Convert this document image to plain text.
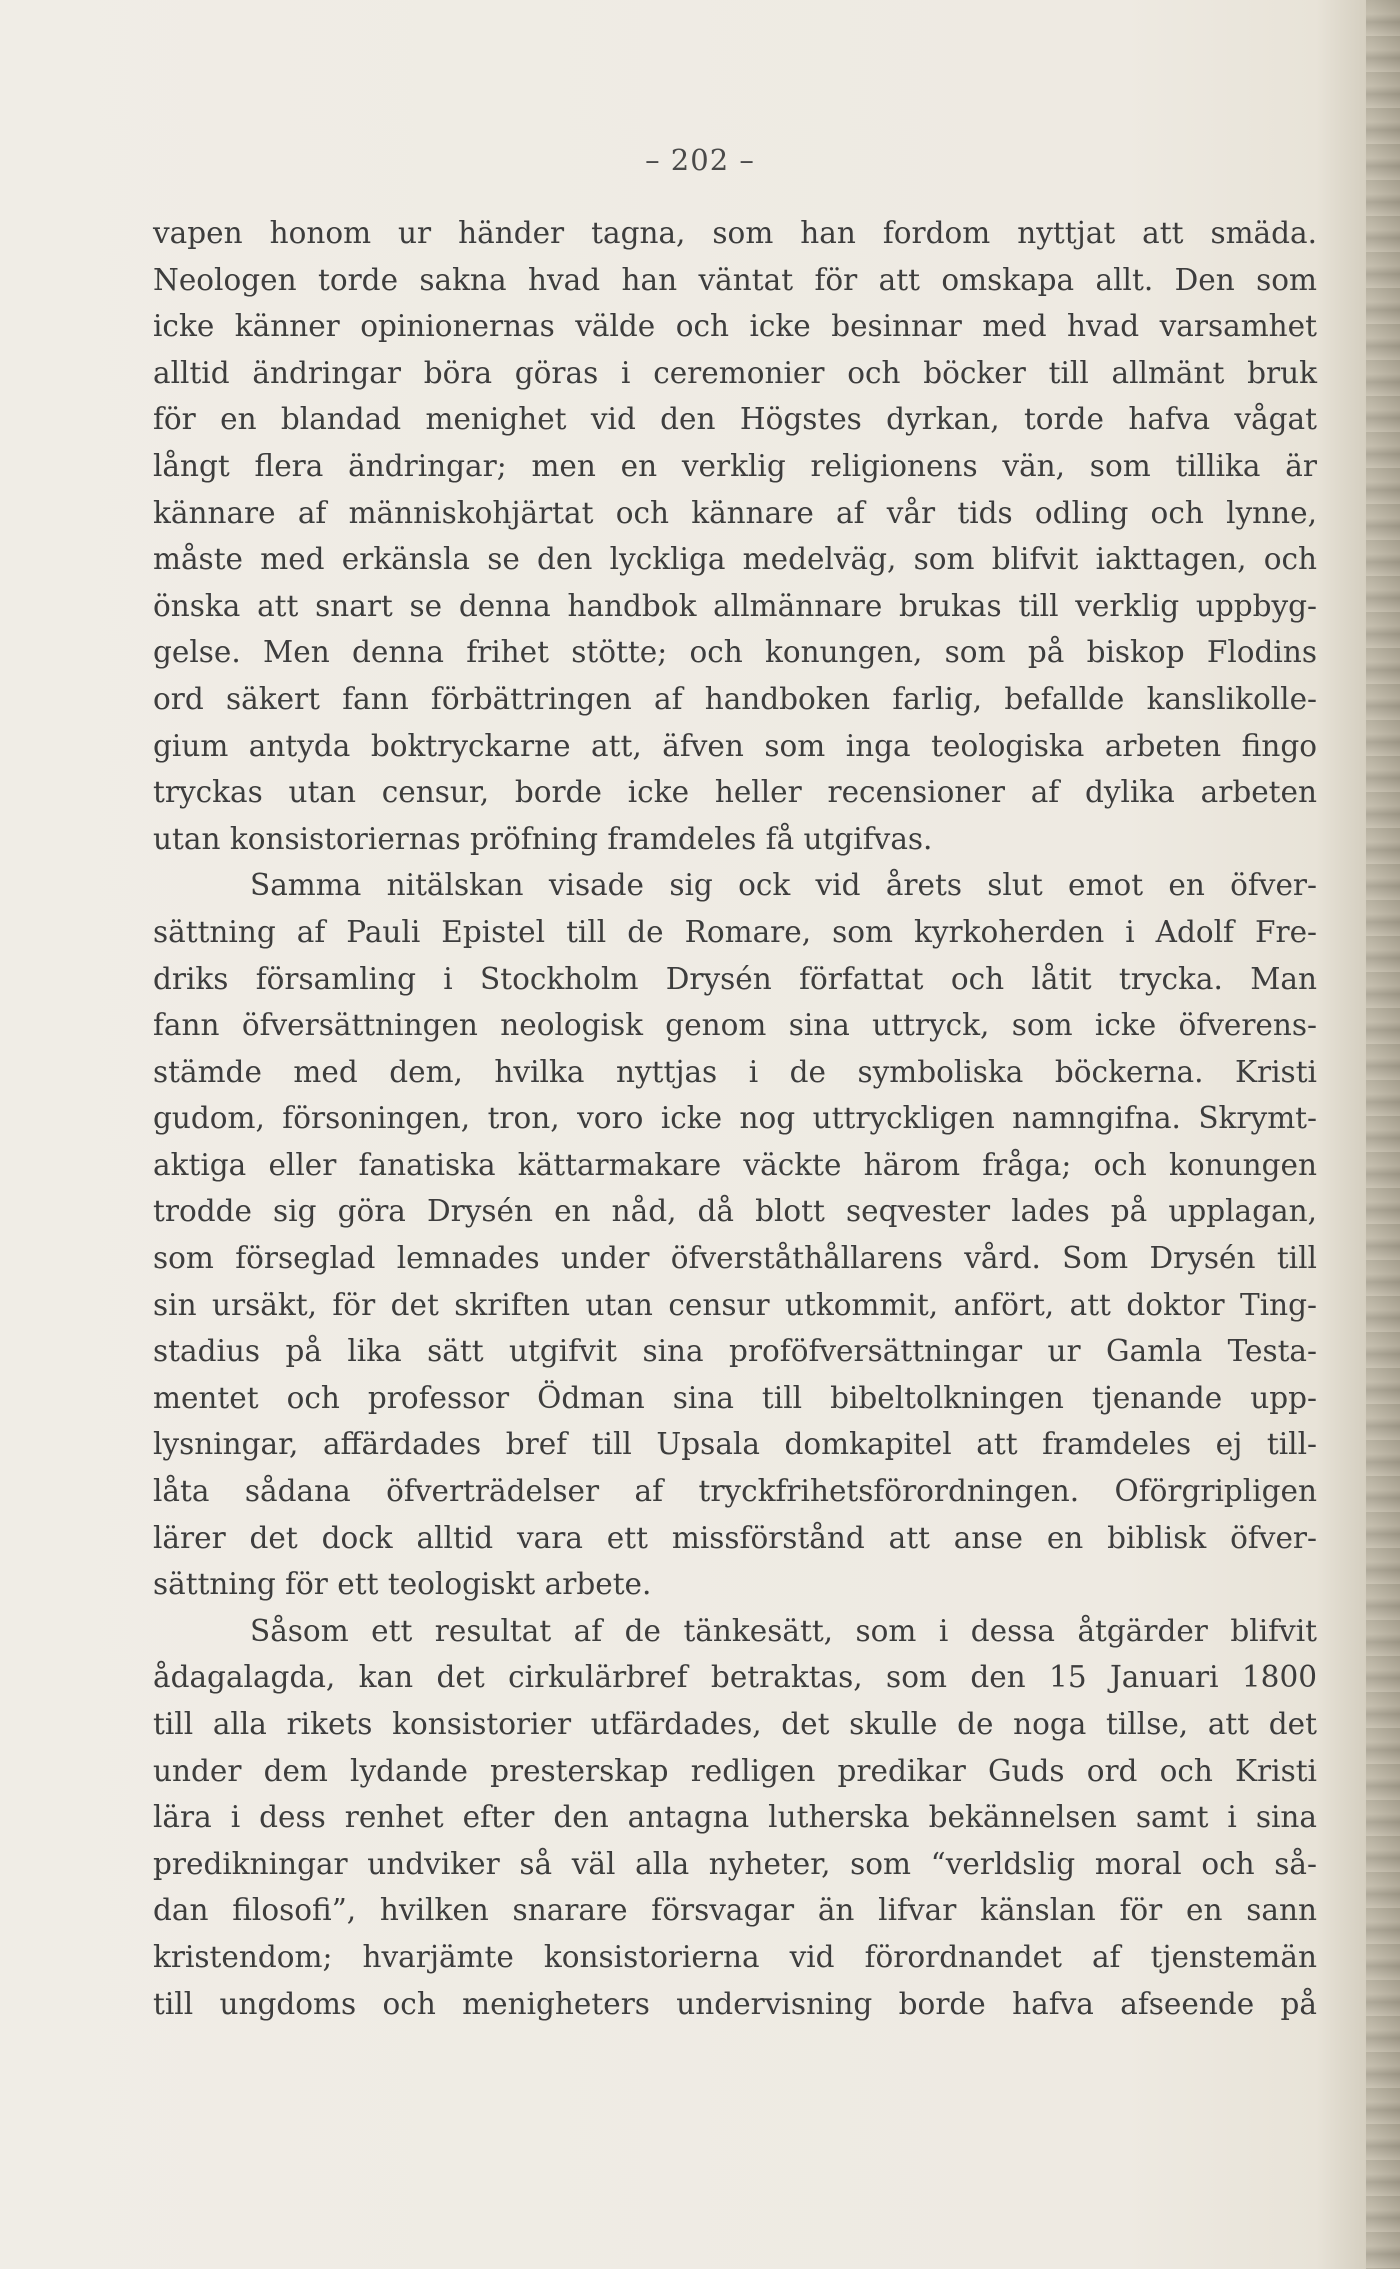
– 202 –
vapen honom ur händer tagna, som han fordom nyttjat att smäda.
Neologen torde sakna hvad han väntat för att omskapa allt. Den som
icke känner opinionernas välde och icke besinnar med hvad varsamhet
alltid ändringar böra göras i ceremonier och böcker till allmänt bruk
för en blandad menighet vid den Högstes dyrkan, torde hafva vågat
långt flera ändringar; men en verklig religionens vän, som tillika är
kännare af människohjärtat och kännare af vår tids odling och lynne,
måste med erkänsla se den lyckliga medelväg, som blifvit iakttagen, och
önska att snart se denna handbok allmännare brukas till verklig uppbyg-
gelse. Men denna frihet stötte; och konungen, som på biskop Flodins
ord säkert fann förbättringen af handboken farlig, befallde kanslikolle-
gium antyda boktryckarne att, äfven som inga teologiska arbeten fingo
tryckas utan censur, borde icke heller recensioner af dylika arbeten
utan konsistoriernas pröfning framdeles få utgifvas.
Samma nitälskan visade sig ock vid årets slut emot en öfver-
sättning af Pauli Epistel till de Romare, som kyrkoherden i Adolf Fre-
driks församling i Stockholm Drysén författat och låtit trycka. Man
fann öfversättningen neologisk genom sina uttryck, som icke öfverens-
stämde med dem, hvilka nyttjas i de symboliska böckerna. Kristi
gudom, försoningen, tron, voro icke nog uttryckligen namngifna. Skrymt-
aktiga eller fanatiska kättarmakare väckte härom fråga; och konungen
trodde sig göra Drysén en nåd, då blott seqvester lades på upplagan,
som förseglad lemnades under öfverståthållarens vård. Som Drysén till
sin ursäkt, för det skriften utan censur utkommit, anfört, att doktor Ting-
stadius på lika sätt utgifvit sina proföfversättningar ur Gamla Testa-
mentet och professor Ödman sina till bibeltolkningen tjenande upp-
lysningar, affärdades bref till Upsala domkapitel att framdeles ej till-
låta sådana öfverträdelser af tryckfrihetsförordningen. Oförgripligen
lärer det dock alltid vara ett missförstånd att anse en biblisk öfver-
sättning för ett teologiskt arbete.
Såsom ett resultat af de tänkesätt, som i dessa åtgärder blifvit
ådagalagda, kan det cirkulärbref betraktas, som den 15 Januari 1800
till alla rikets konsistorier utfärdades, det skulle de noga tillse, att det
under dem lydande presterskap redligen predikar Guds ord och Kristi
lära i dess renhet efter den antagna lutherska bekännelsen samt i sina
predikningar undviker så väl alla nyheter, som “verldslig moral och så-
dan filosofi”, hvilken snarare försvagar än lifvar känslan för en sann
kristendom; hvarjämte konsistorierna vid förordnandet af tjenstemän
till ungdoms och menigheters undervisning borde hafva afseende på
